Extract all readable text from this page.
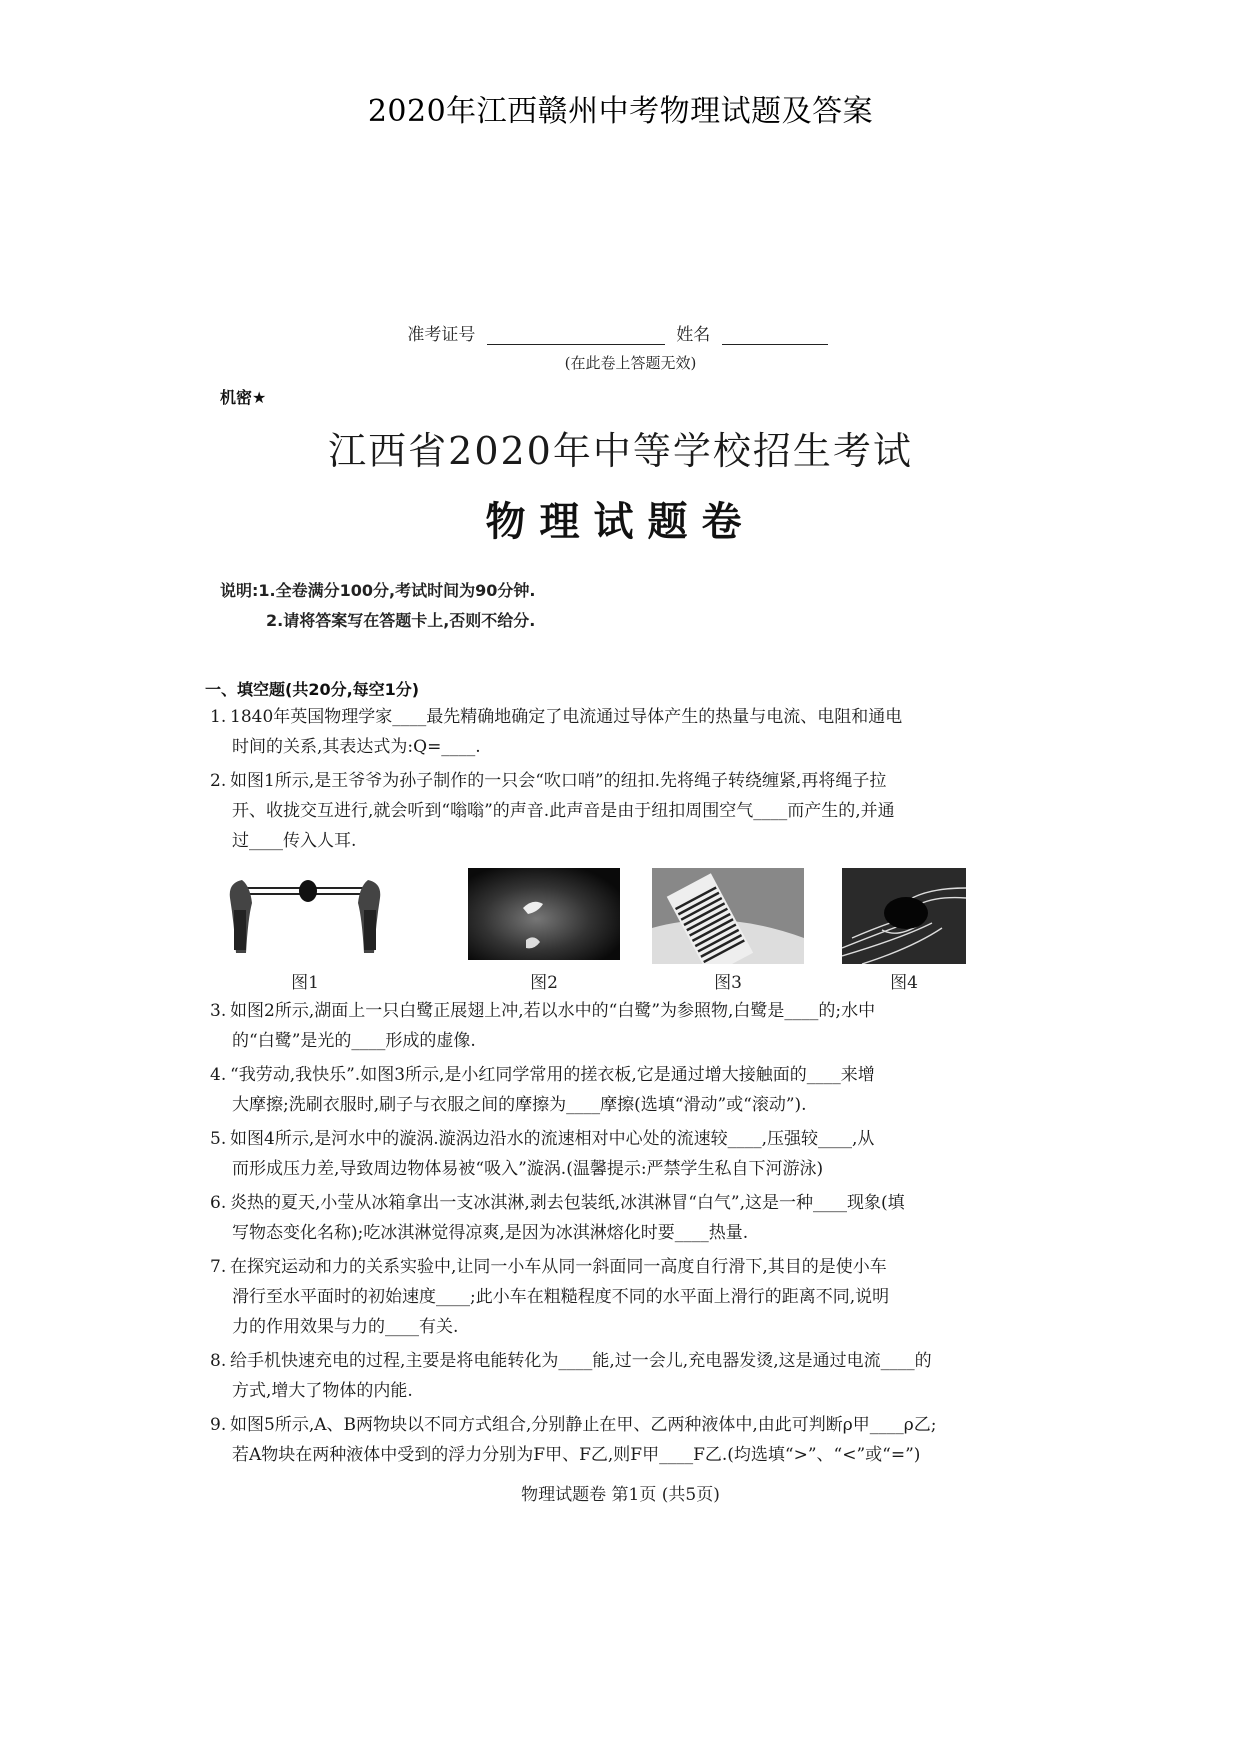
2020年江西赣州中考物理试题及答案
准考证号	姓名
(在此卷上答题无效)
机密★
江西省2020年中等学校招生考试
物理试题卷
说明:1.全卷满分100分,考试时间为90分钟.
2.请将答案写在答题卡上,否则不给分.
一、填空题(共20分,每空1分)
1. 1840年英国物理学家____最先精确地确定了电流通过导体产生的热量与电流、电阻和通电
时间的关系,其表达式为:Q=____.
2. 如图1所示,是王爷爷为孙子制作的一只会“吹口哨”的纽扣.先将绳子转绕缠紧,再将绳子拉
开、收拢交互进行,就会听到“嗡嗡”的声音.此声音是由于纽扣周围空气____而产生的,并通
过____传入人耳.
图1	图2	图3	图4
3. 如图2所示,湖面上一只白鹭正展翅上冲,若以水中的“白鹭”为参照物,白鹭是____的;水中
的“白鹭”是光的____形成的虚像.
4. “我劳动,我快乐”.如图3所示,是小红同学常用的搓衣板,它是通过增大接触面的____来增
大摩擦;洗刷衣服时,刷子与衣服之间的摩擦为____摩擦(选填“滑动”或“滚动”).
5. 如图4所示,是河水中的漩涡.漩涡边沿水的流速相对中心处的流速较____,压强较____,从
而形成压力差,导致周边物体易被“吸入”漩涡.(温馨提示:严禁学生私自下河游泳)
6. 炎热的夏天,小莹从冰箱拿出一支冰淇淋,剥去包装纸,冰淇淋冒“白气”,这是一种____现象(填
写物态变化名称);吃冰淇淋觉得凉爽,是因为冰淇淋熔化时要____热量.
7. 在探究运动和力的关系实验中,让同一小车从同一斜面同一高度自行滑下,其目的是使小车
滑行至水平面时的初始速度____;此小车在粗糙程度不同的水平面上滑行的距离不同,说明
力的作用效果与力的____有关.
8. 给手机快速充电的过程,主要是将电能转化为____能,过一会儿,充电器发烫,这是通过电流____的
方式,增大了物体的内能.
9. 如图5所示,A、B两物块以不同方式组合,分别静止在甲、乙两种液体中,由此可判断ρ甲____ρ乙;
若A物块在两种液体中受到的浮力分别为F甲、F乙,则F甲____F乙.(均选填“>”、“<”或“=”)
物理试题卷 第1页 (共5页)
